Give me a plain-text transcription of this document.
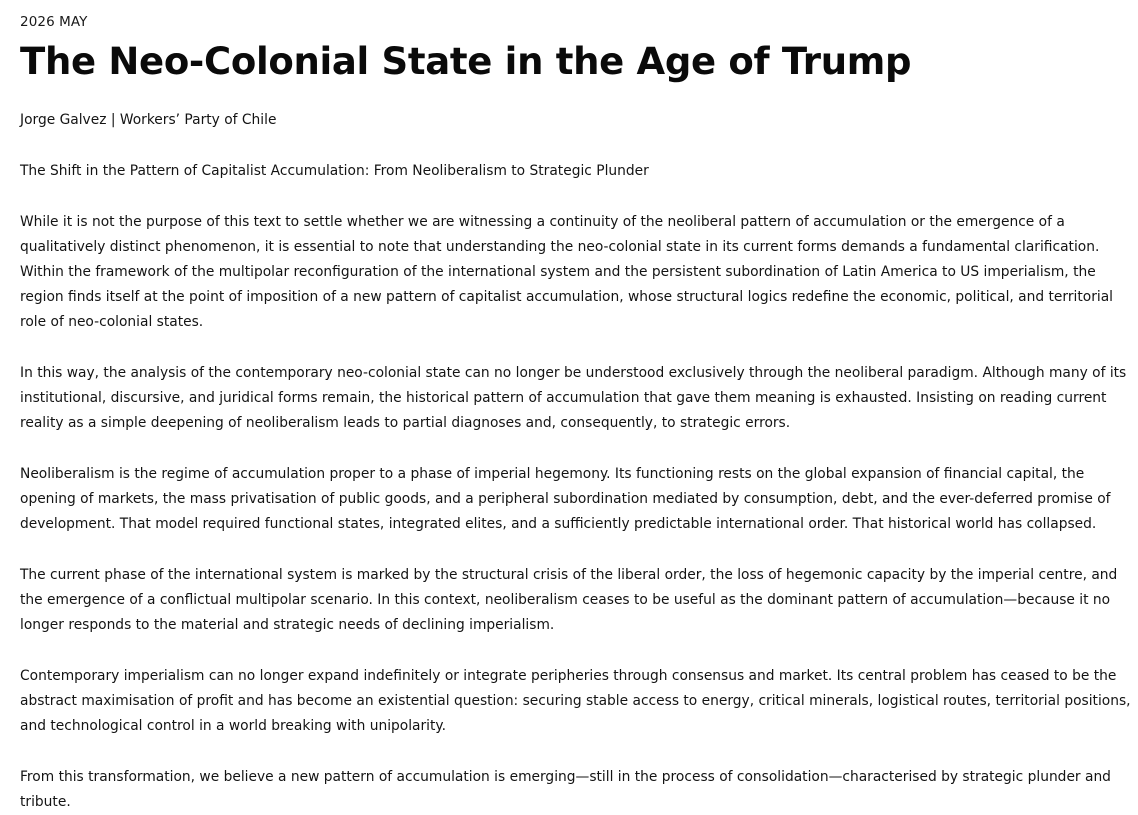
2026 MAY

The Neo-Colonial State in the Age of Trump

Jorge Galvez | Workers’ Party of Chile

The Shift in the Pattern of Capitalist Accumulation: From Neoliberalism to Strategic Plunder

While it is not the purpose of this text to settle whether we are witnessing a continuity of the neoliberal pattern of accumulation or the emergence of a qualitatively distinct phenomenon, it is essential to note that understanding the neo-colonial state in its current forms demands a fundamental clarification. Within the framework of the multipolar reconfiguration of the international system and the persistent subordination of Latin America to US imperialism, the region finds itself at the point of imposition of a new pattern of capitalist accumulation, whose structural logics redefine the economic, political, and territorial role of neo-colonial states.

In this way, the analysis of the contemporary neo-colonial state can no longer be understood exclusively through the neoliberal paradigm. Although many of its institutional, discursive, and juridical forms remain, the historical pattern of accumulation that gave them meaning is exhausted. Insisting on reading current reality as a simple deepening of neoliberalism leads to partial diagnoses and, consequently, to strategic errors.

Neoliberalism is the regime of accumulation proper to a phase of imperial hegemony. Its functioning rests on the global expansion of financial capital, the opening of markets, the mass privatisation of public goods, and a peripheral subordination mediated by consumption, debt, and the ever-deferred promise of development. That model required functional states, integrated elites, and a sufficiently predictable international order. That historical world has collapsed.

The current phase of the international system is marked by the structural crisis of the liberal order, the loss of hegemonic capacity by the imperial centre, and the emergence of a conflictual multipolar scenario. In this context, neoliberalism ceases to be useful as the dominant pattern of accumulation—because it no longer responds to the material and strategic needs of declining imperialism.

Contemporary imperialism can no longer expand indefinitely or integrate peripheries through consensus and market. Its central problem has ceased to be the abstract maximisation of profit and has become an existential question: securing stable access to energy, critical minerals, logistical routes, territorial positions, and technological control in a world breaking with unipolarity.

From this transformation, we believe a new pattern of accumulation is emerging—still in the process of consolidation—characterised by strategic plunder and tribute.
